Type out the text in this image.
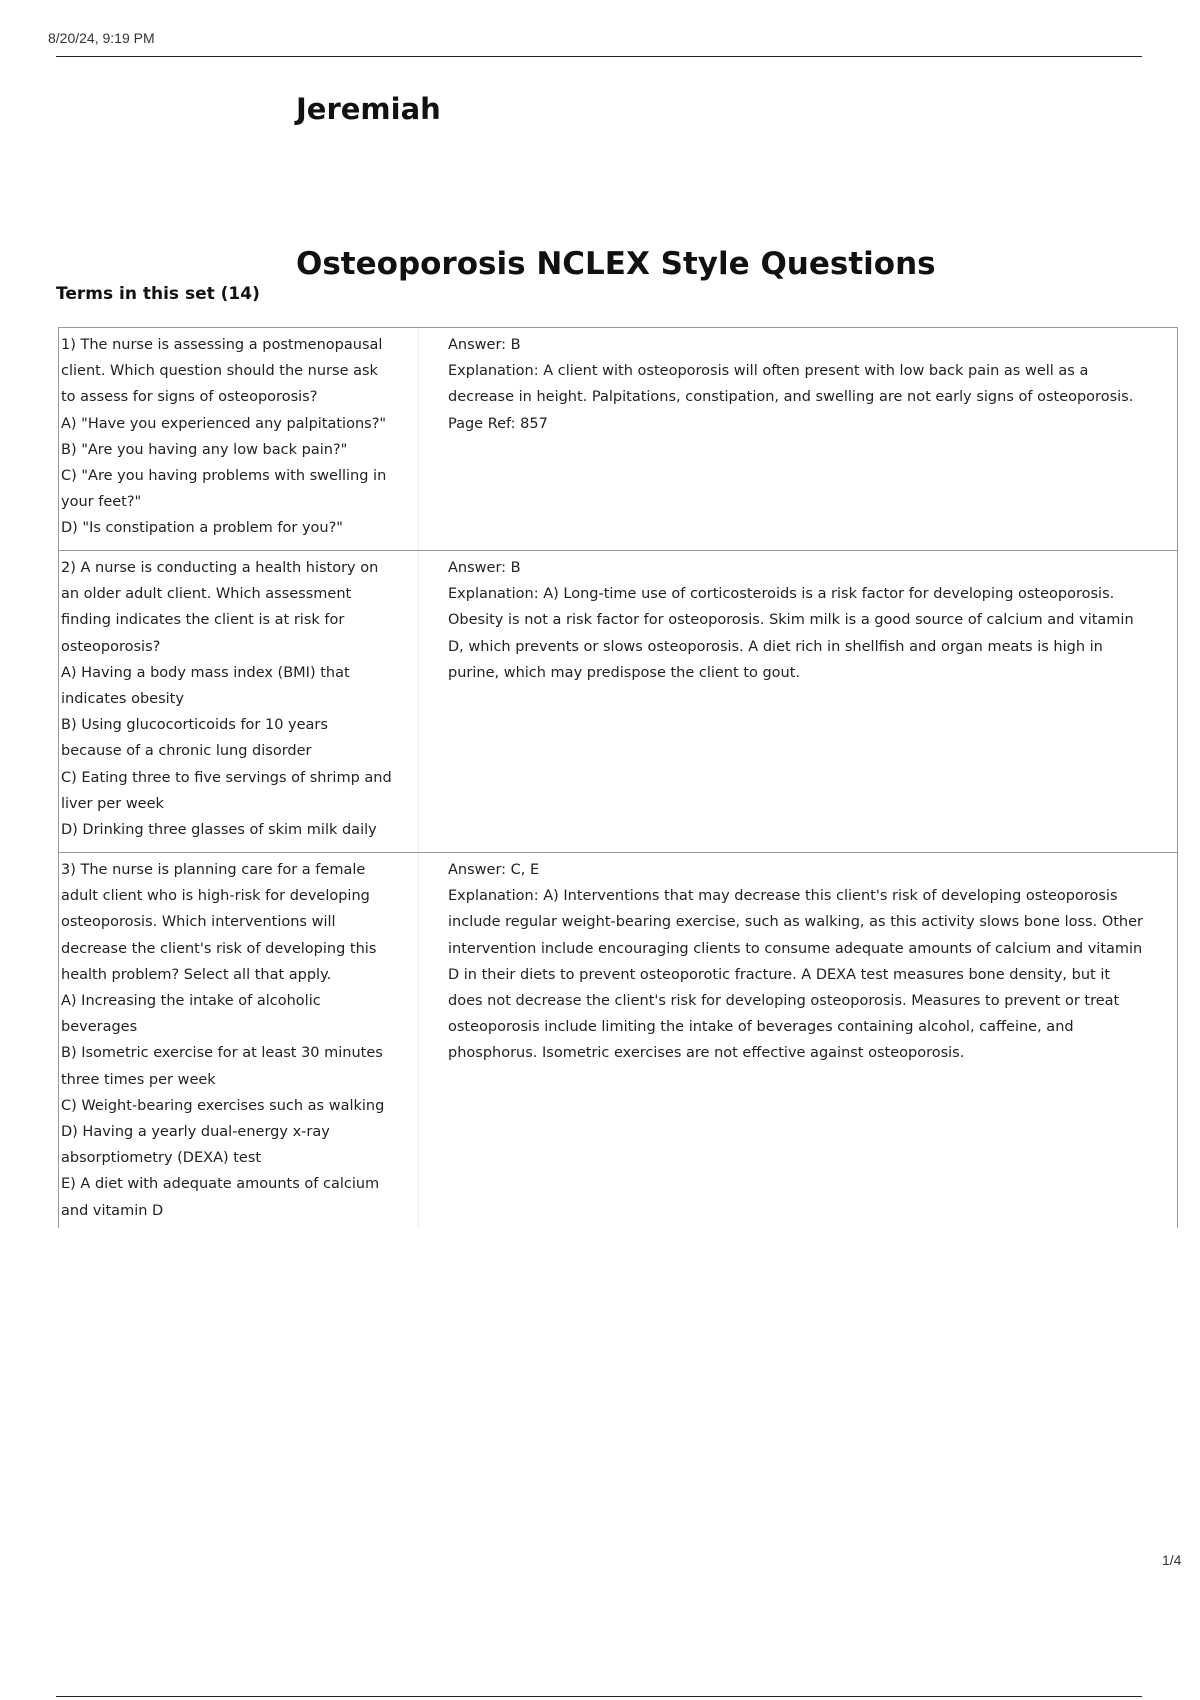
8/20/24, 9:19 PM
Jeremiah
Osteoporosis NCLEX Style Questions
Terms in this set (14)
1) The nurse is assessing a postmenopausal
client. Which question should the nurse ask
to assess for signs of osteoporosis?
A) "Have you experienced any palpitations?"
B) "Are you having any low back pain?"
C) "Are you having problems with swelling in
your feet?"
D) "Is constipation a problem for you?"
Answer: B
Explanation: A client with osteoporosis will often present with low back pain as well as a decrease in height. Palpitations, constipation, and swelling are not early signs of osteoporosis.
Page Ref: 857
2) A nurse is conducting a health history on
an older adult client. Which assessment
finding indicates the client is at risk for
osteoporosis?
A) Having a body mass index (BMI) that
indicates obesity
B) Using glucocorticoids for 10 years
because of a chronic lung disorder
C) Eating three to five servings of shrimp and
liver per week
D) Drinking three glasses of skim milk daily
Answer: B
Explanation: A) Long-time use of corticosteroids is a risk factor for developing osteoporosis. Obesity is not a risk factor for osteoporosis. Skim milk is a good source of calcium and vitamin D, which prevents or slows osteoporosis. A diet rich in shellfish and organ meats is high in purine, which may predispose the client to gout.
3) The nurse is planning care for a female
adult client who is high-risk for developing
osteoporosis. Which interventions will
decrease the client's risk of developing this
health problem? Select all that apply.
A) Increasing the intake of alcoholic
beverages
B) Isometric exercise for at least 30 minutes
three times per week
C) Weight-bearing exercises such as walking
D) Having a yearly dual-energy x-ray
absorptiometry (DEXA) test
E) A diet with adequate amounts of calcium
and vitamin D
Answer: C, E
Explanation: A) Interventions that may decrease this client's risk of developing osteoporosis include regular weight-bearing exercise, such as walking, as this activity slows bone loss. Other intervention include encouraging clients to consume adequate amounts of calcium and vitamin D in their diets to prevent osteoporotic fracture. A DEXA test measures bone density, but it does not decrease the client's risk for developing osteoporosis. Measures to prevent or treat osteoporosis include limiting the intake of beverages containing alcohol, caffeine, and phosphorus. Isometric exercises are not effective against osteoporosis.
1/4
